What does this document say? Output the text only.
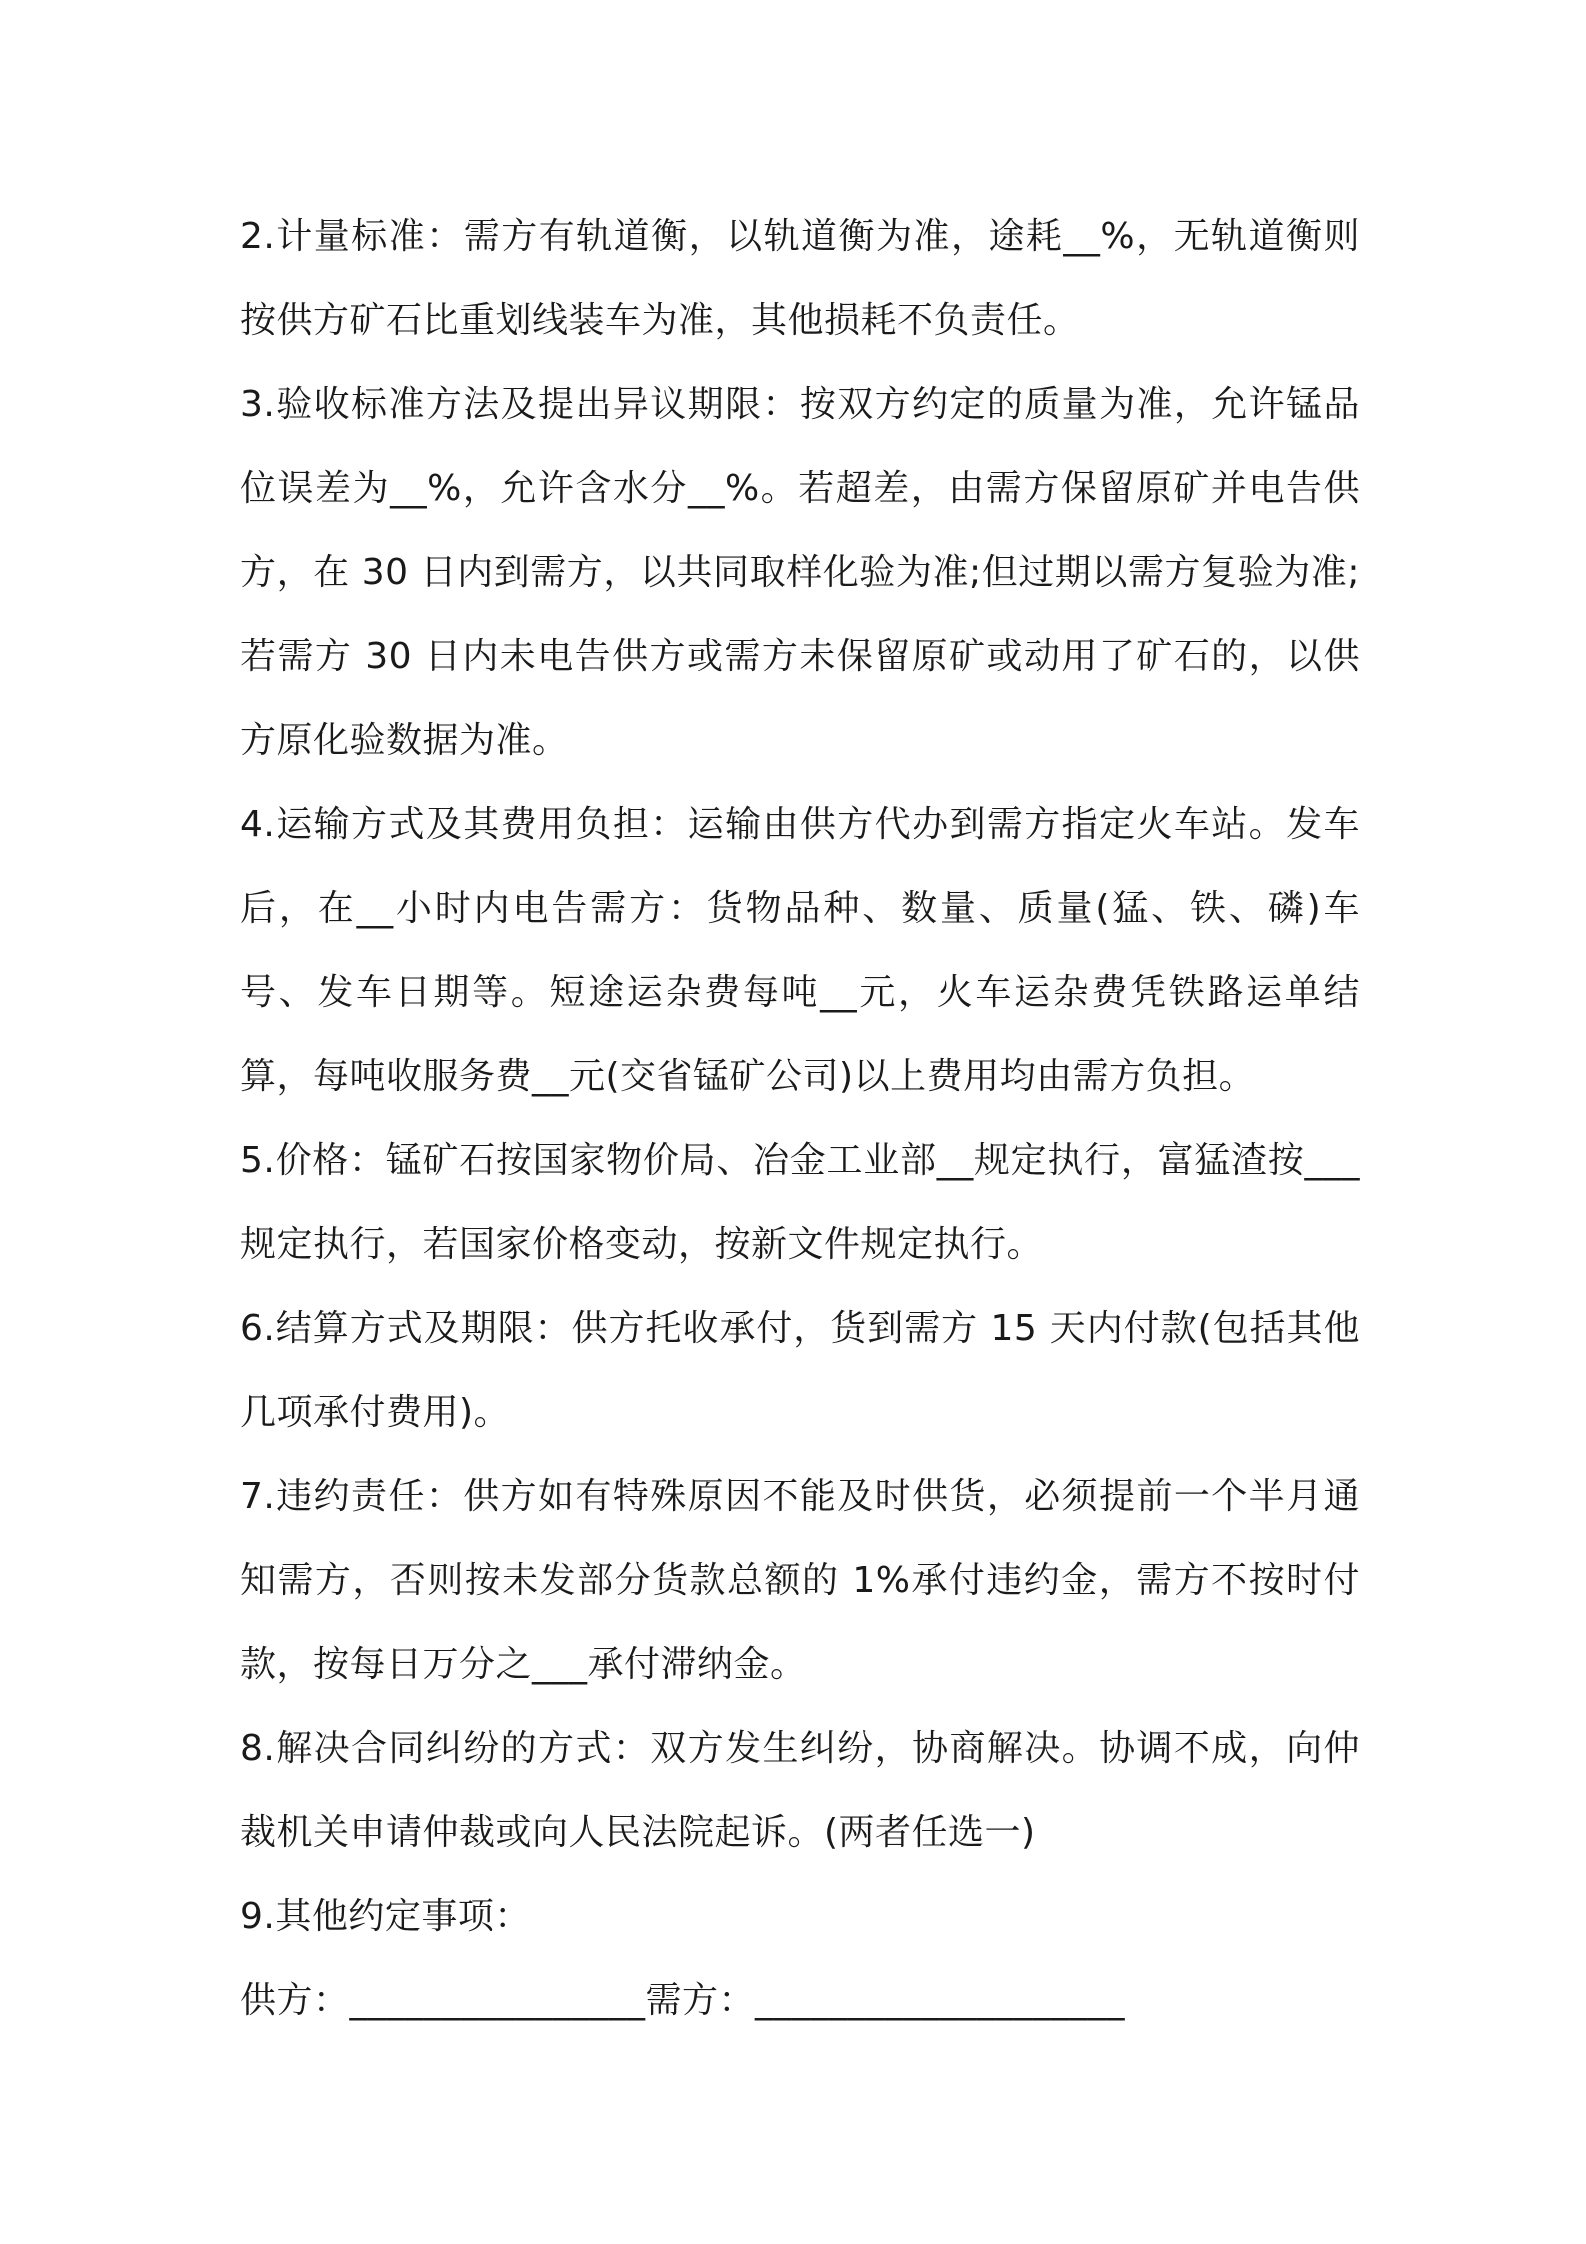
2.计量标准：需方有轨道衡，以轨道衡为准，途耗__%，无轨道衡则按供方矿石比重划线装车为准，其他损耗不负责任。

3.验收标准方法及提出异议期限：按双方约定的质量为准，允许锰品位误差为__%，允许含水分__%。若超差，由需方保留原矿并电告供方，在 30 日内到需方，以共同取样化验为准;但过期以需方复验为准;若需方 30 日内未电告供方或需方未保留原矿或动用了矿石的，以供方原化验数据为准。

4.运输方式及其费用负担：运输由供方代办到需方指定火车站。发车后，在__小时内电告需方：货物品种、数量、质量(猛、铁、磷)车号、发车日期等。短途运杂费每吨__元，火车运杂费凭铁路运单结算，每吨收服务费__元(交省锰矿公司)以上费用均由需方负担。

5.价格：锰矿石按国家物价局、冶金工业部__规定执行，富猛渣按___规定执行，若国家价格变动，按新文件规定执行。

6.结算方式及期限：供方托收承付，货到需方 15 天内付款(包括其他几项承付费用)。

7.违约责任：供方如有特殊原因不能及时供货，必须提前一个半月通知需方，否则按未发部分货款总额的 1%承付违约金，需方不按时付款，按每日万分之___承付滞纳金。

8.解决合同纠纷的方式：双方发生纠纷，协商解决。协调不成，向仲裁机关申请仲裁或向人民法院起诉。(两者任选一)

9.其他约定事项：

供方：________________需方：____________________
